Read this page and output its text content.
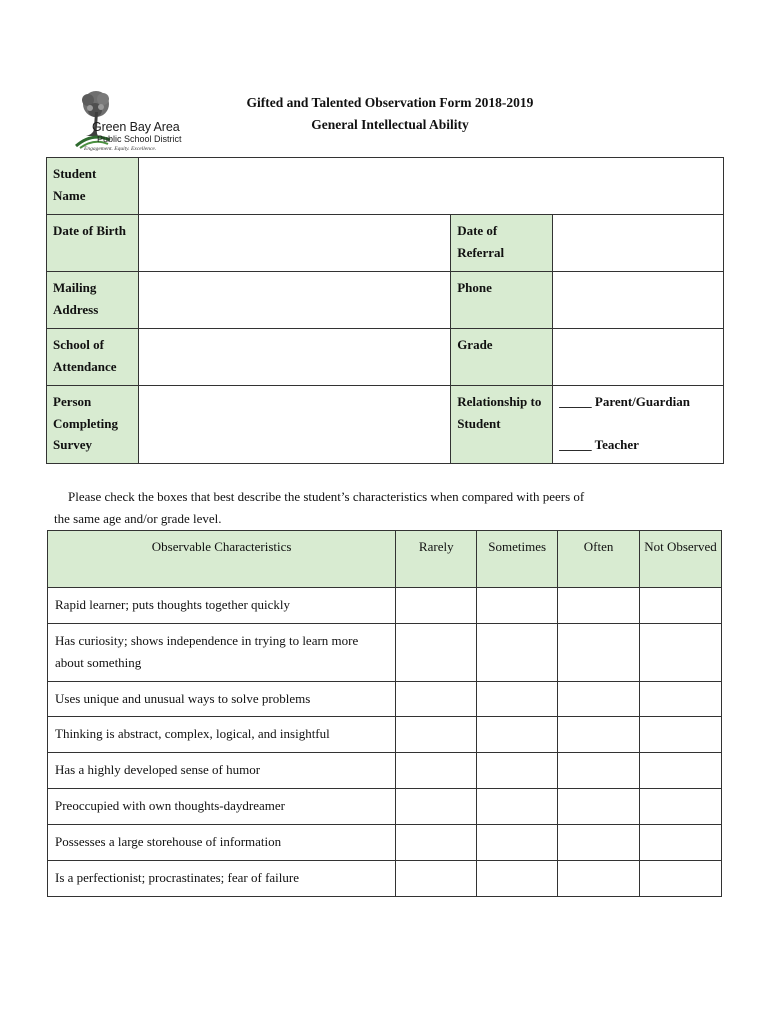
Green Bay Area
Public School District
Engagement. Equity. Excellence.
Gifted and Talented Observation Form 2018-2019
General Intellectual Ability
Student Name			
Date of Birth		Date of Referral	
Mailing Address		Phone	
School of Attendance		Grade	
Person Completing Survey		Relationship to Student	_____ Parent/Guardian
_____ Teacher
Please check the boxes that best describe the student’s characteristics when compared with peers of
the same age and/or grade level.
Observable Characteristics	Rarely	Sometimes	Often	Not Observed
Rapid learner; puts thoughts together quickly				
Has curiosity; shows independence in trying to learn more about something				
Uses unique and unusual ways to solve problems				
Thinking is abstract, complex, logical, and insightful				
Has a highly developed sense of humor				
Preoccupied with own thoughts-daydreamer				
Possesses a large storehouse of information				
Is a perfectionist; procrastinates; fear of failure				
